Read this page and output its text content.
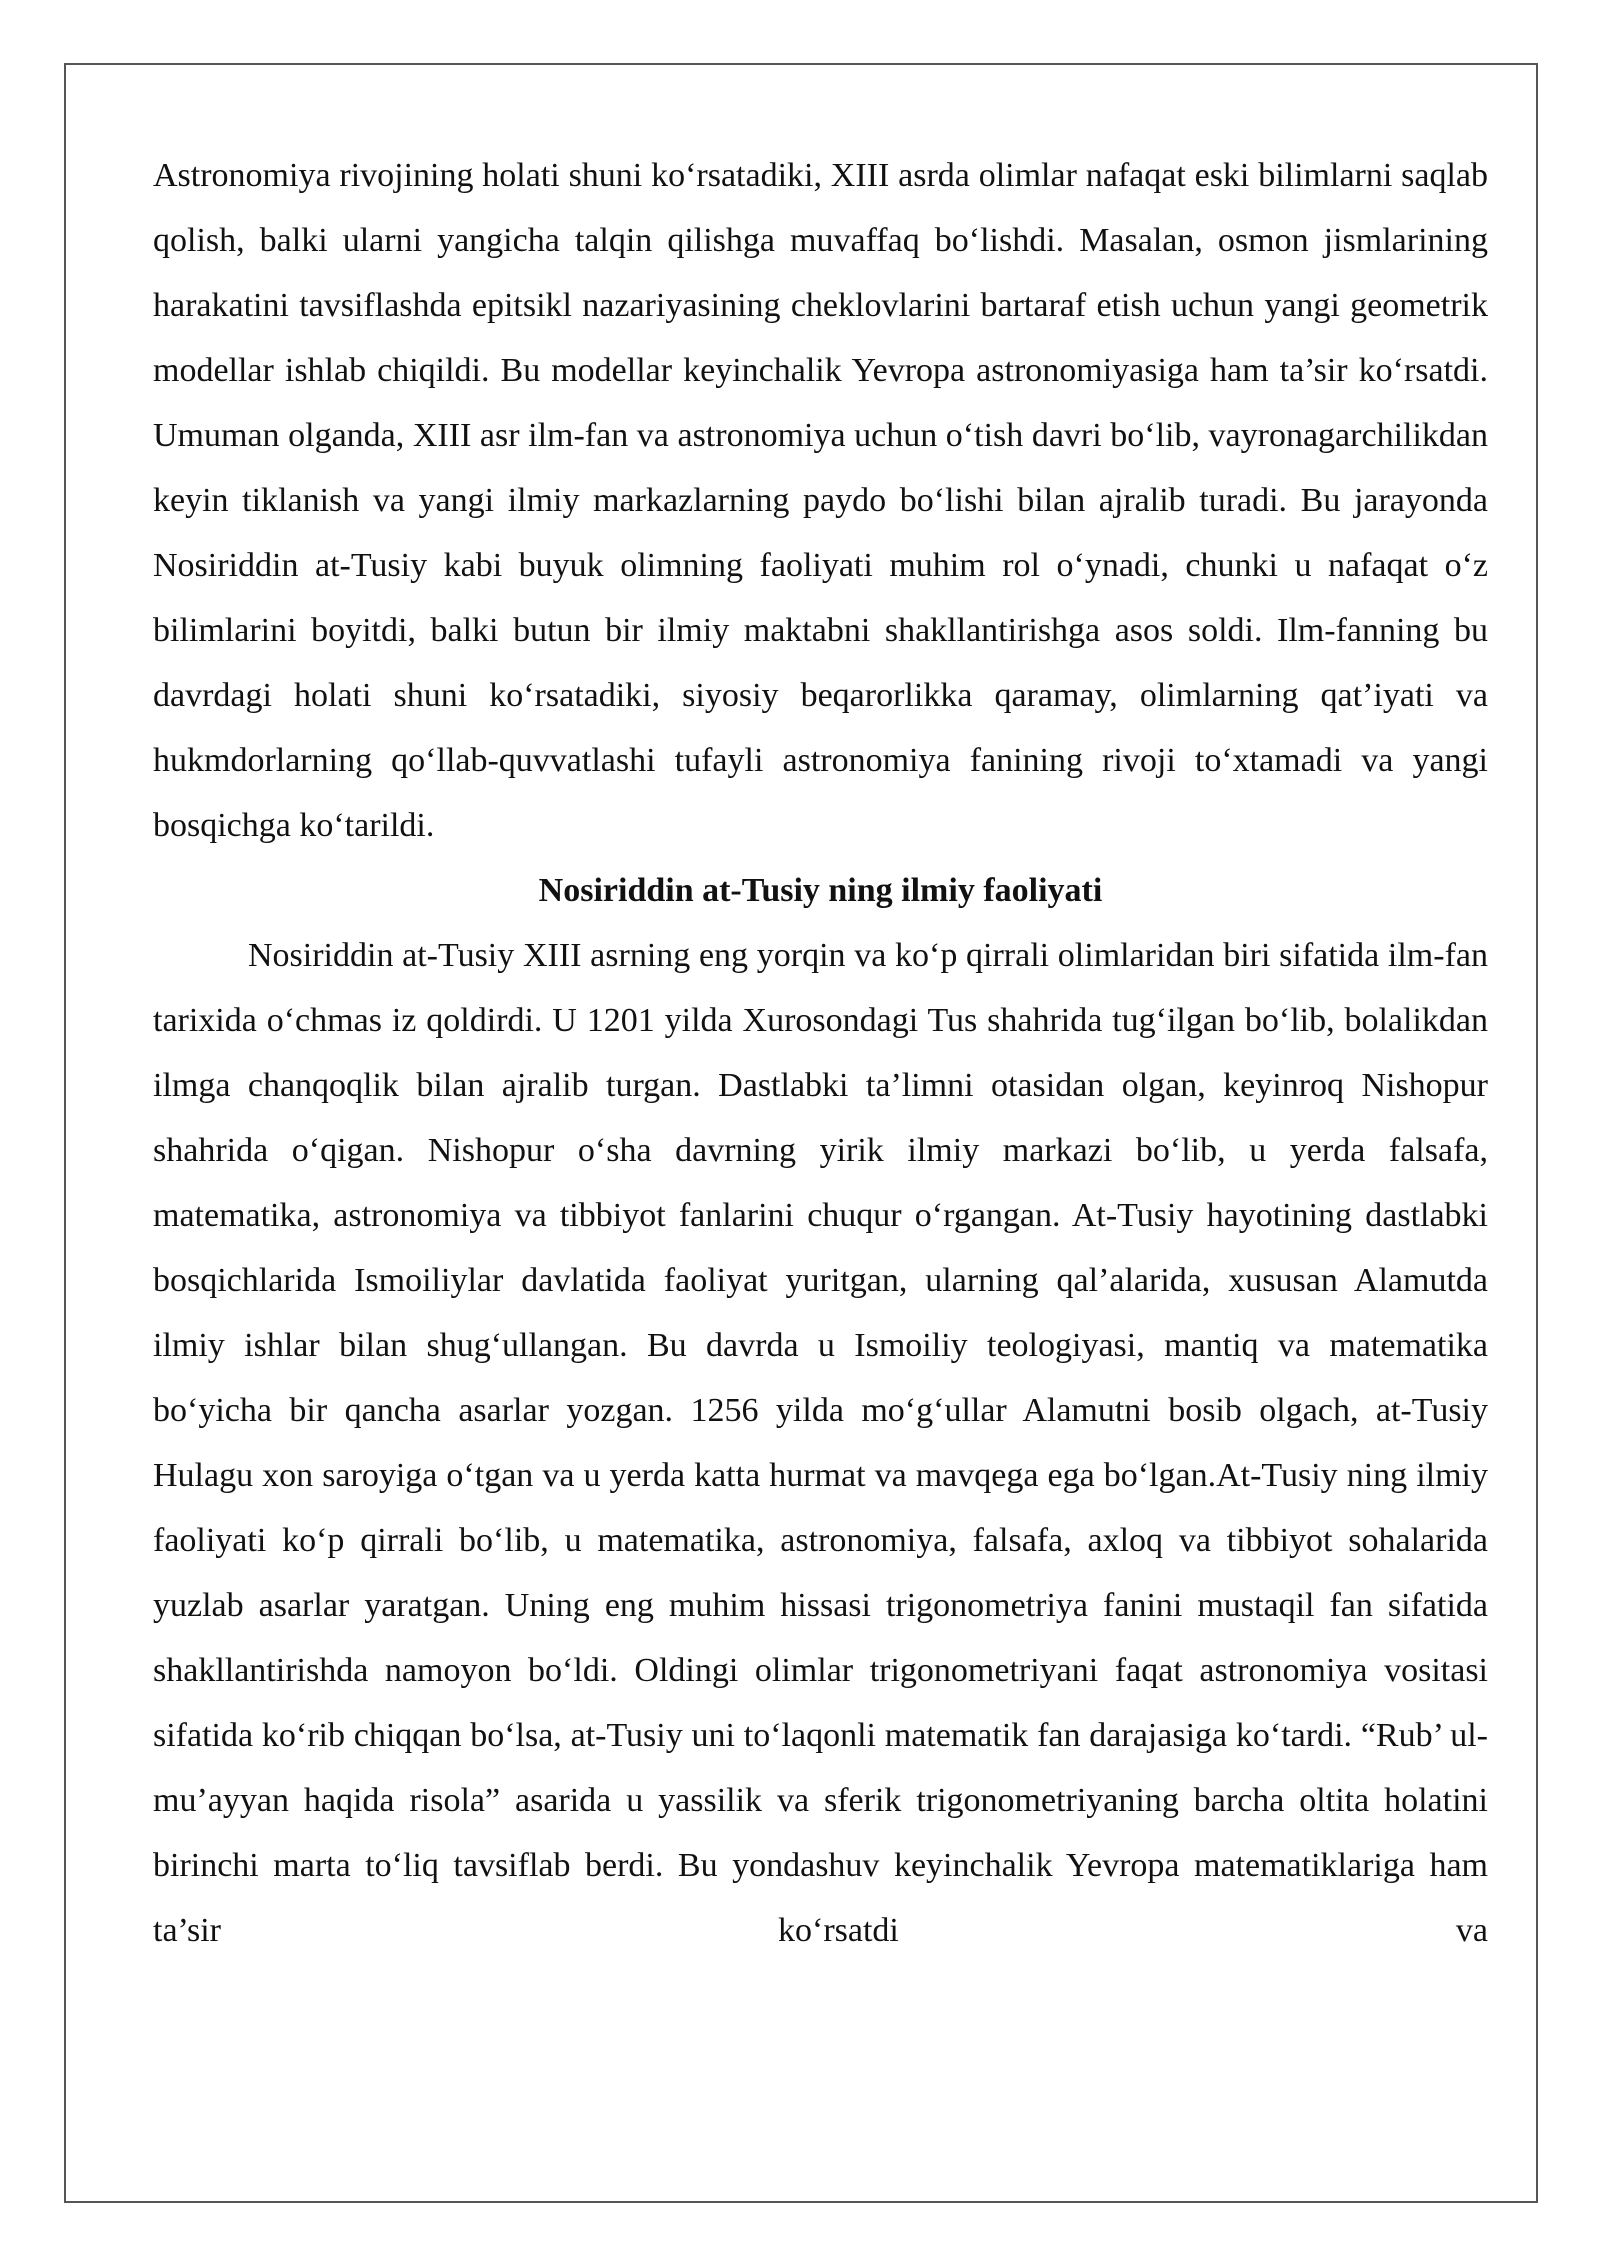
Astronomiya rivojining holati shuni ko‘rsatadiki, XIII asrda olimlar nafaqat eski bilimlarni saqlab qolish, balki ularni yangicha talqin qilishga muvaffaq bo‘lishdi. Masalan, osmon jismlarining harakatini tavsiflashda epitsikl nazariyasining cheklovlarini bartaraf etish uchun yangi geometrik modellar ishlab chiqildi. Bu modellar keyinchalik Yevropa astronomiyasiga ham ta’sir ko‘rsatdi. Umuman olganda, XIII asr ilm-fan va astronomiya uchun o‘tish davri bo‘lib, vayronagarchilikdan keyin tiklanish va yangi ilmiy markazlarning paydo bo‘lishi bilan ajralib turadi. Bu jarayonda Nosiriddin at-Tusiy kabi buyuk olimning faoliyati muhim rol o‘ynadi, chunki u nafaqat o‘z bilimlarini boyitdi, balki butun bir ilmiy maktabni shakllantirishga asos soldi. Ilm-fanning bu davrdagi holati shuni ko‘rsatadiki, siyosiy beqarorlikka qaramay, olimlarning qat’iyati va hukmdorlarning qo‘llab-quvvatlashi tufayli astronomiya fanining rivoji to‘xtamadi va yangi bosqichga ko‘tarildi.

Nosiriddin at-Tusiy ning ilmiy faoliyati

Nosiriddin at-Tusiy XIII asrning eng yorqin va ko‘p qirrali olimlaridan biri sifatida ilm-fan tarixida o‘chmas iz qoldirdi. U 1201 yilda Xurosondagi Tus shahrida tug‘ilgan bo‘lib, bolalikdan ilmga chanqoqlik bilan ajralib turgan. Dastlabki ta’limni otasidan olgan, keyinroq Nishopur shahrida o‘qigan. Nishopur o‘sha davrning yirik ilmiy markazi bo‘lib, u yerda falsafa, matematika, astronomiya va tibbiyot fanlarini chuqur o‘rgangan. At-Tusiy hayotining dastlabki bosqichlarida Ismoiliylar davlatida faoliyat yuritgan, ularning qal’alarida, xususan Alamutda ilmiy ishlar bilan shug‘ullangan. Bu davrda u Ismoiliy teologiyasi, mantiq va matematika bo‘yicha bir qancha asarlar yozgan. 1256 yilda mo‘g‘ullar Alamutni bosib olgach, at-Tusiy Hulagu xon saroyiga o‘tgan va u yerda katta hurmat va mavqega ega bo‘lgan.At-Tusiy ning ilmiy faoliyati ko‘p qirrali bo‘lib, u matematika, astronomiya, falsafa, axloq va tibbiyot sohalarida yuzlab asarlar yaratgan. Uning eng muhim hissasi trigonometriya fanini mustaqil fan sifatida shakllantirishda namoyon bo‘ldi. Oldingi olimlar trigonometriyani faqat astronomiya vositasi sifatida ko‘rib chiqqan bo‘lsa, at-Tusiy uni to‘laqonli matematik fan darajasiga ko‘tardi. “Rub’ ul-mu’ayyan haqida risola” asarida u yassilik va sferik trigonometriyaning barcha oltita holatini birinchi marta to‘liq tavsiflab berdi. Bu yondashuv keyinchalik Yevropa matematiklariga ham ta’sir ko‘rsatdi va
